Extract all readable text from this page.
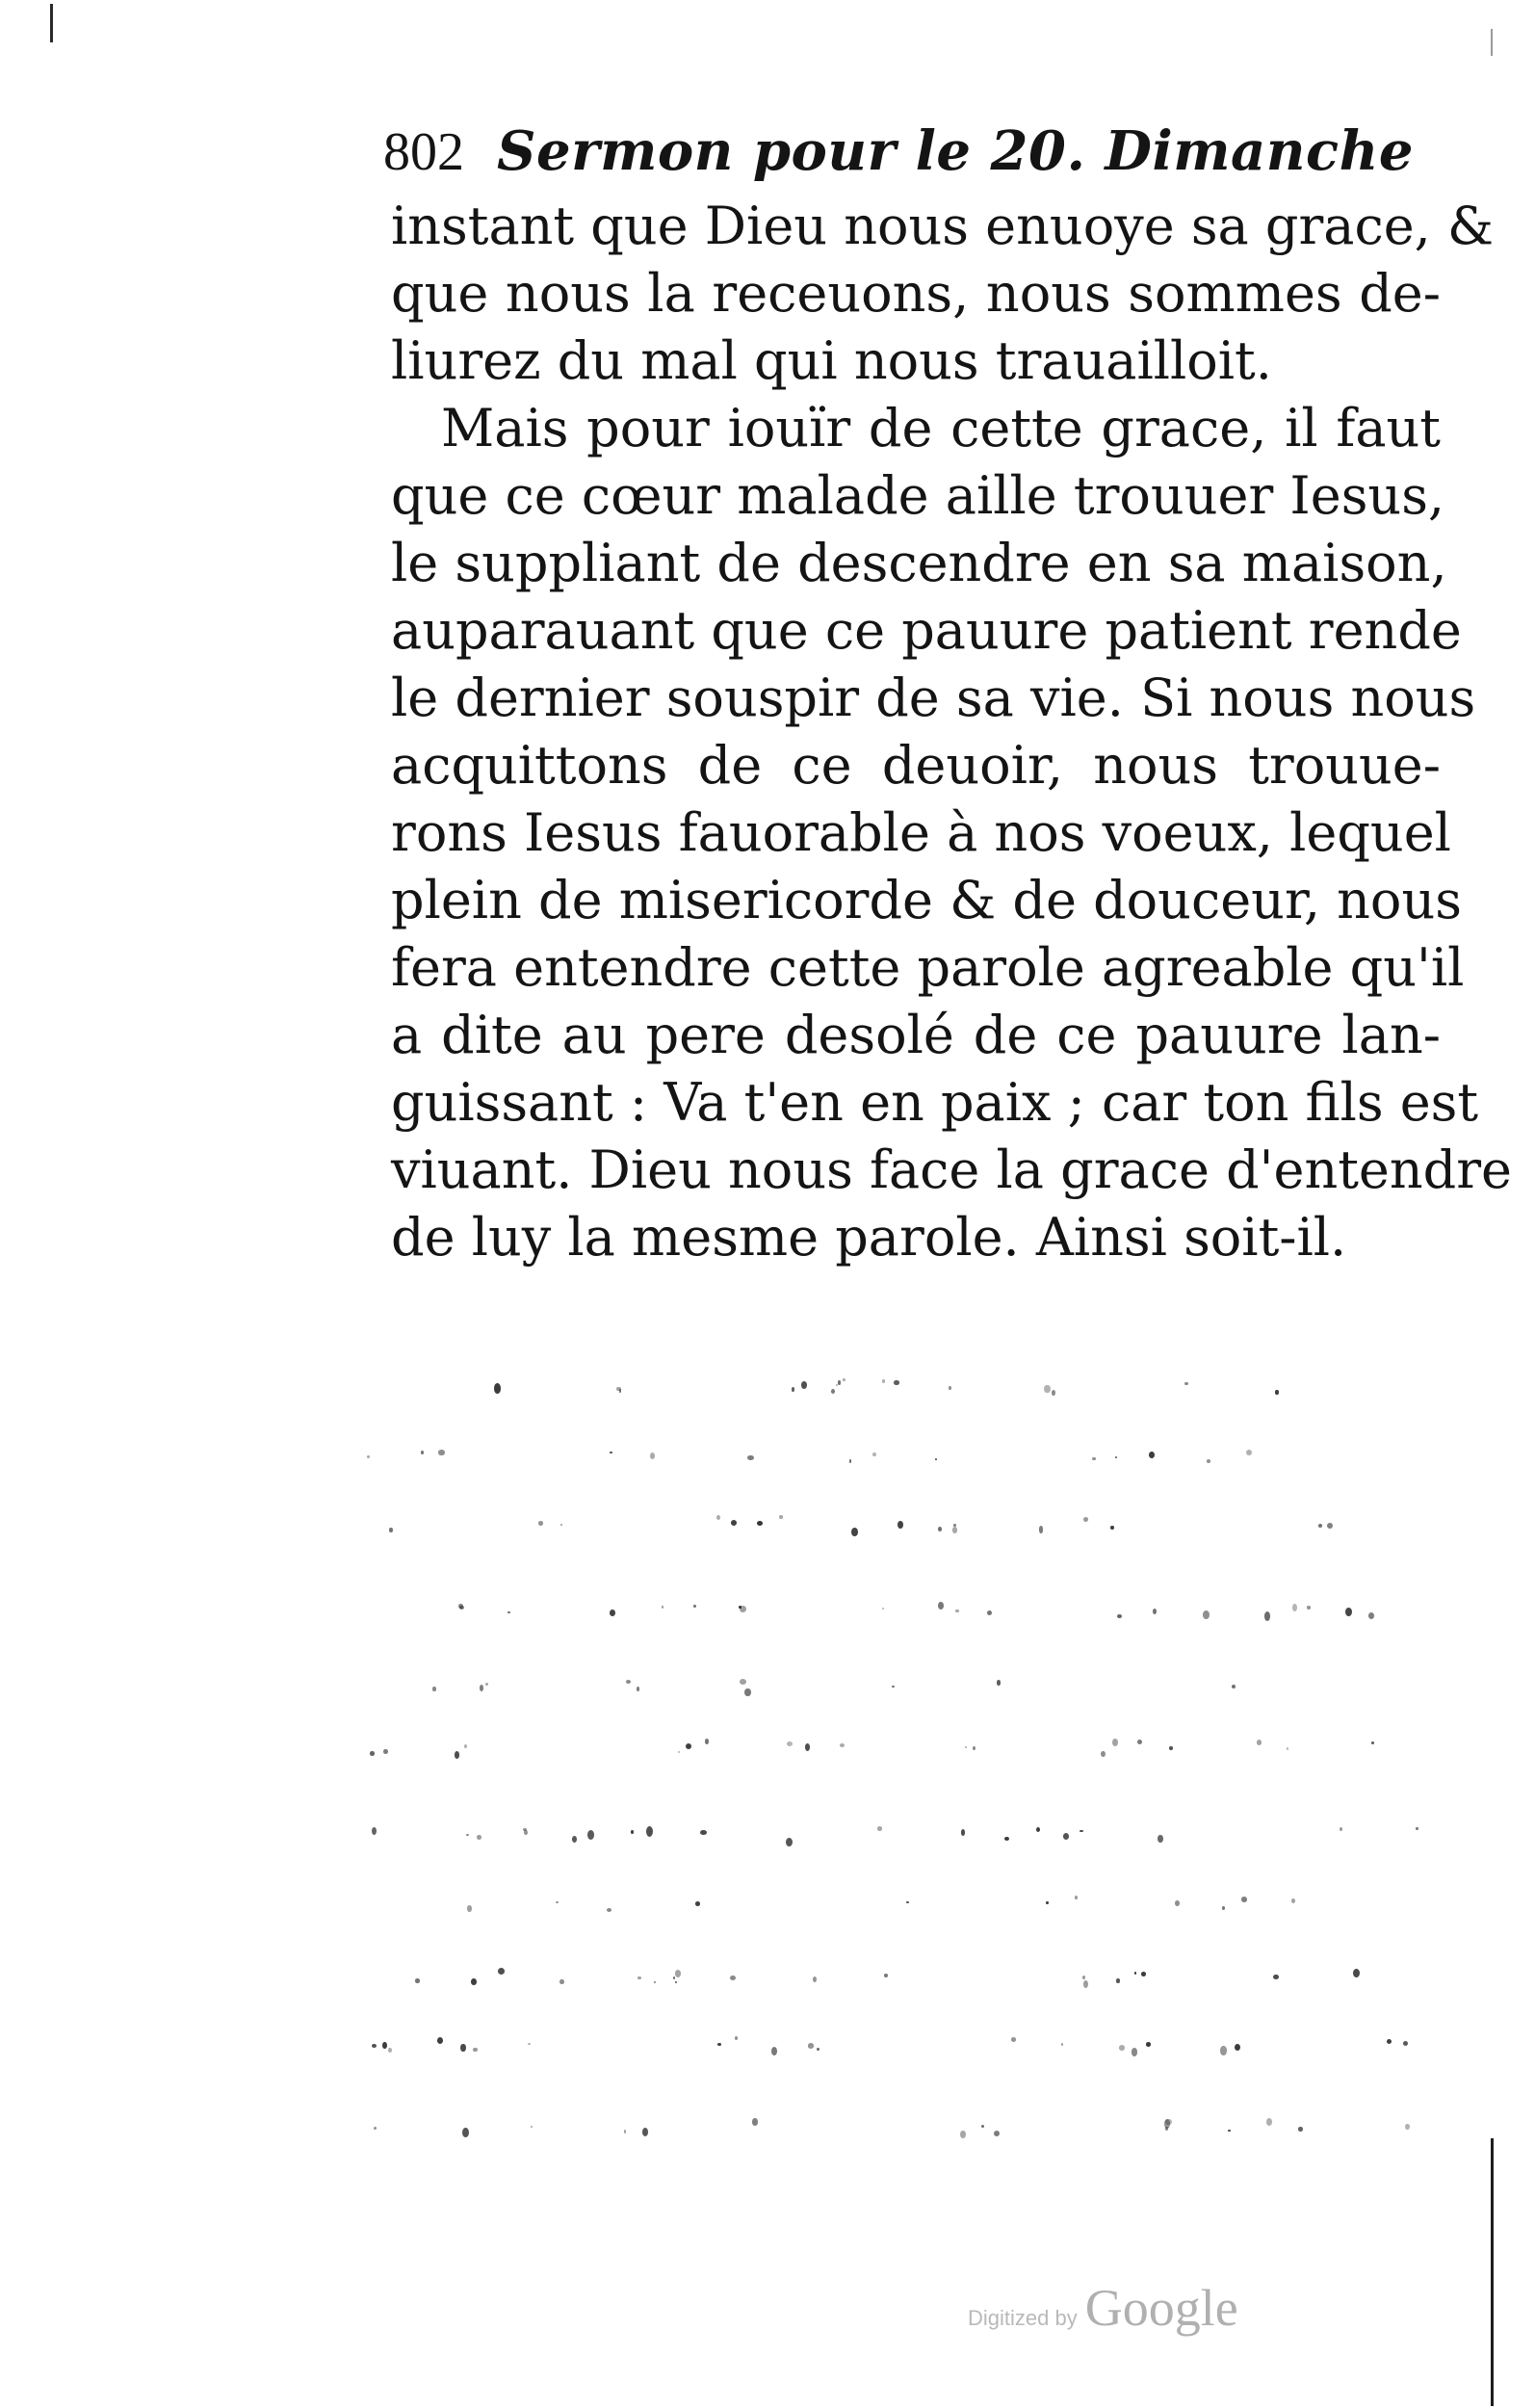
802 Sermon pour le 20. Dimanche
instant que Dieu nous enuoye sa grace, &
que nous la receuons, nous sommes de-
liurez du mal qui nous trauailloit.
Mais pour iouïr de cette grace, il faut
que ce cœur malade aille trouuer Iesus,
le suppliant de descendre en sa maison,
auparauant que ce pauure patient rende
le dernier souspir de sa vie. Si nous nous
acquittons de ce deuoir, nous trouue-
rons Iesus fauorable à nos voeux, lequel
plein de misericorde & de douceur, nous
fera entendre cette parole agreable qu'il
a dite au pere desolé de ce pauure lan-
guissant : Va t'en en paix ; car ton fils est
viuant. Dieu nous face la grace d'entendre
de luy la mesme parole. Ainsi soit-il.
Digitized by Google
